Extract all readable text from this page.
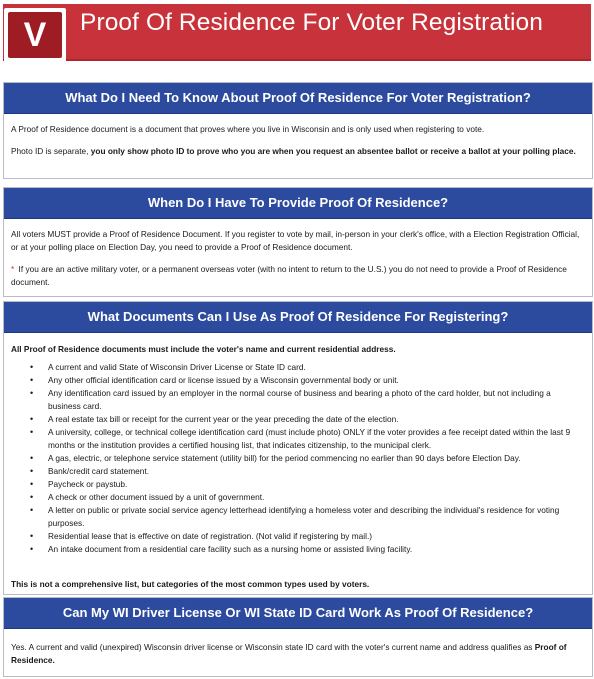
V	Proof Of Residence For Voter Registration
What Do I Need To Know About Proof Of Residence For Voter Registration?
A Proof of Residence document is a document that proves where you live in Wisconsin and is only used when registering to vote.
Photo ID is separate, you only show photo ID to prove who you are when you request an absentee ballot or receive a ballot at your polling place.
When Do I Have To Provide Proof Of Residence?
All voters MUST provide a Proof of Residence Document. If you register to vote by mail, in-person in your clerk's office, with a Election Registration Official, or at your polling place on Election Day, you need to provide a Proof of Residence document.
* If you are an active military voter, or a permanent overseas voter (with no intent to return to the U.S.) you do not need to provide a Proof of Residence document.
What Documents Can I Use As Proof Of Residence For Registering?
All Proof of Residence documents must include the voter's name and current residential address.
• A current and valid State of Wisconsin Driver License or State ID card.
• Any other official identification card or license issued by a Wisconsin governmental body or unit.
• Any identification card issued by an employer in the normal course of business and bearing a photo of the card holder, but not including a business card.
• A real estate tax bill or receipt for the current year or the year preceding the date of the election.
• A university, college, or technical college identification card (must include photo) ONLY if the voter provides a fee receipt dated within the last 9 months or the institution provides a certified housing list, that indicates citizenship, to the municipal clerk.
• A gas, electric, or telephone service statement (utility bill) for the period commencing no earlier than 90 days before Election Day.
• Bank/credit card statement.
• Paycheck or paystub.
• A check or other document issued by a unit of government.
• A letter on public or private social service agency letterhead identifying a homeless voter and describing the individual's residence for voting purposes.
• Residential lease that is effective on date of registration. (Not valid if registering by mail.)
• An intake document from a residential care facility such as a nursing home or assisted living facility.
This is not a comprehensive list, but categories of the most common types used by voters.
Can My WI Driver License Or WI State ID Card Work As Proof Of Residence?
Yes. A current and valid (unexpired) Wisconsin driver license or Wisconsin state ID card with the voter's current name and address qualifies as Proof of Residence.
